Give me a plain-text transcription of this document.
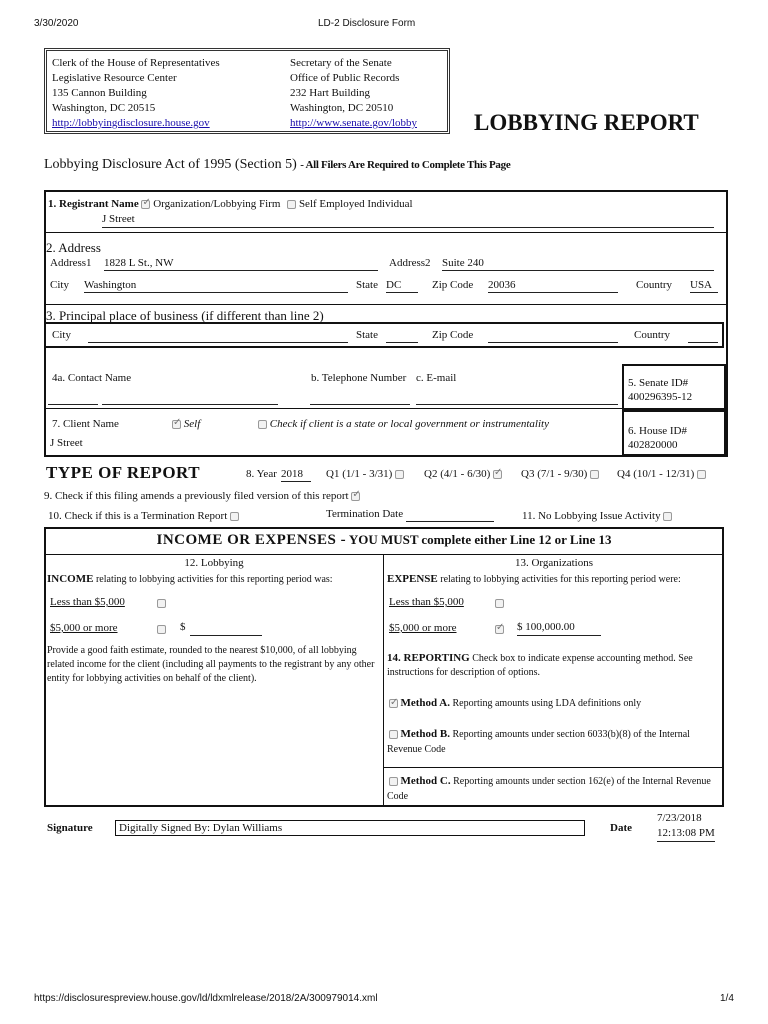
3/30/2020	LD-2 Disclosure Form
Clerk of the House of Representatives
Legislative Resource Center
135 Cannon Building
Washington, DC 20515
http://lobbyingdisclosure.house.gov
Secretary of the Senate
Office of Public Records
232 Hart Building
Washington, DC 20510
http://www.senate.gov/lobby LOBBYING REPORT
Lobbying Disclosure Act of 1995 (Section 5) - All Filers Are Required to Complete This Page
1. Registrant Name ✓ Organization/Lobbying Firm Self Employed Individual
J Street
2. Address
Address1 1828 L St., NW	Address2 Suite 240
City Washington	State DC	Zip Code 20036	Country USA
3. Principal place of business (if different than line 2)
City	State	Zip Code	Country
4a. Contact Name	b. Telephone Number c. E-mail	5. Senate ID#
400296395-12
7. Client Name ✓	Self	Check if client is a state or local government or instrumentality
J Street
6. House ID#
402820000
TYPE OF REPORT	8. Year 2018	Q1 (1/1 - 3/31)	Q2 (4/1 - 6/30) ✓	Q3 (7/1 - 9/30)	Q4 (10/1 - 12/31)
9. Check if this filing amends a previously filed version of this report ✓
10. Check if this is a Termination Report	Termination Date	11. No Lobbying Issue Activity
INCOME OR EXPENSES - YOU MUST complete either Line 12 or Line 13
12. Lobbying
INCOME relating to lobbying activities for this reporting period was:
Less than $5,000
$5,000 or more	$
Provide a good faith estimate, rounded to the nearest $10,000, of all lobbying related income for the client (including all payments to the registrant by any other entity for lobbying activities on behalf of the client).
13. Organizations
EXPENSE relating to lobbying activities for this reporting period were:
Less than $5,000
$5,000 or more ✓	$ 100,000.00
14. REPORTING Check box to indicate expense accounting method. See instructions for description of options.
✓ Method A. Reporting amounts using LDA definitions only
Method B. Reporting amounts under section 6033(b)(8) of the Internal Revenue Code
Method C. Reporting amounts under section 162(e) of the Internal Revenue Code
Signature	Digitally Signed By: Dylan Williams	Date
7/23/2018
12:13:08 PM
https://disclosurespreview.house.gov/ld/ldxmlrelease/2018/2A/300979014.xml	1/4
